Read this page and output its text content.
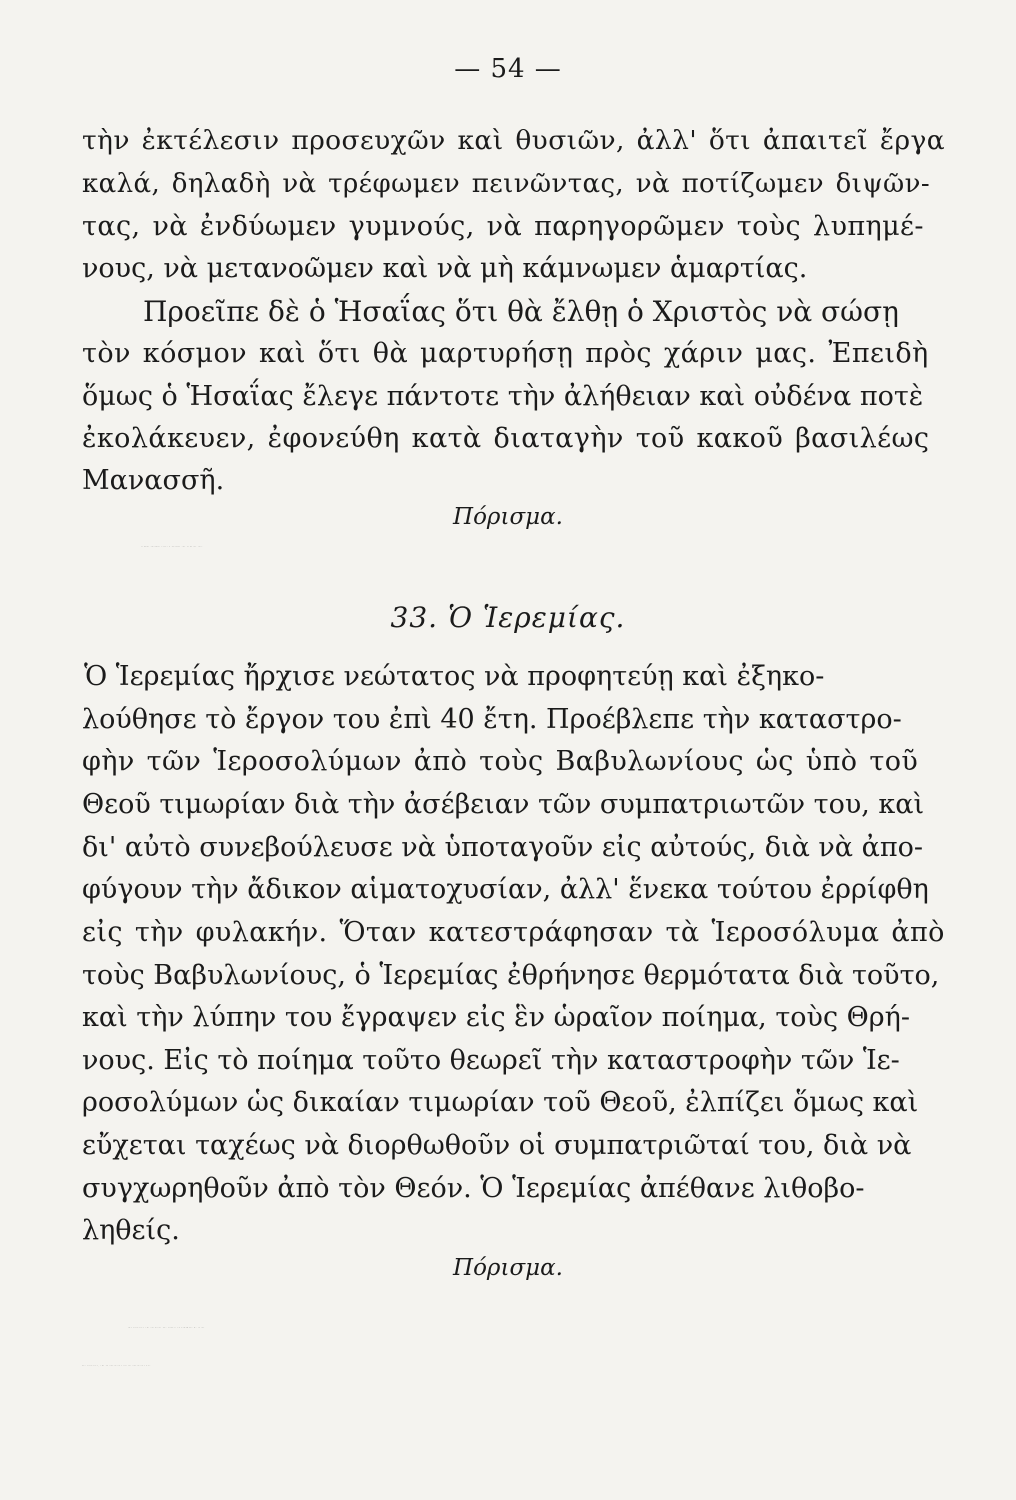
— 54 —
τὴν ἐκτέλεσιν προσευχῶν καὶ θυσιῶν, ἀλλ' ὅτι ἀπαιτεῖ ἔργα
καλά, δηλαδὴ νὰ τρέφωμεν πεινῶντας, νὰ ποτίζωμεν διψῶν-
τας, νὰ ἐνδύωμεν γυμνούς, νὰ παρηγορῶμεν τοὺς λυπημέ-
νους, νὰ μετανοῶμεν καὶ νὰ μὴ κάμνωμεν ἁμαρτίας.
Προεῖπε δὲ ὁ Ἡσαΐας ὅτι θὰ ἔλθῃ ὁ Χριστὸς νὰ σώσῃ
τὸν κόσμον καὶ ὅτι θὰ μαρτυρήσῃ πρὸς χάριν μας. Ἐπειδὴ
ὅμως ὁ Ἡσαΐας ἔλεγε πάντοτε τὴν ἀλήθειαν καὶ οὐδένα ποτὲ
ἐκολάκευεν, ἐφονεύθη κατὰ διαταγὴν τοῦ κακοῦ βασιλέως
Μανασσῆ.
Πόρισμα.
Ἀληθῶς εὐσεβὴς εἶναι ὁ ἀγαπῶν τὸν πλησίον του.
33. Ὁ Ἱερεμίας.
Ὁ Ἱερεμίας ἤρχισε νεώτατος νὰ προφητεύῃ καὶ ἐξηκο-
λούθησε τὸ ἔργον του ἐπὶ 40 ἔτη. Προέβλεπε τὴν καταστρο-
φὴν τῶν Ἱεροσολύμων ἀπὸ τοὺς Βαβυλωνίους ὡς ὑπὸ τοῦ
Θεοῦ τιμωρίαν διὰ τὴν ἀσέβειαν τῶν συμπατριωτῶν του, καὶ
δι' αὐτὸ συνεβούλευσε νὰ ὑποταγοῦν εἰς αὐτούς, διὰ νὰ ἀπο-
φύγουν τὴν ἄδικον αἱματοχυσίαν, ἀλλ' ἕνεκα τούτου ἐρρίφθη
εἰς τὴν φυλακήν. Ὅταν κατεστράφησαν τὰ Ἱεροσόλυμα ἀπὸ
τοὺς Βαβυλωνίους, ὁ Ἱερεμίας ἐθρήνησε θερμότατα διὰ τοῦτο,
καὶ τὴν λύπην του ἔγραψεν εἰς ἓν ὡραῖον ποίημα, τοὺς Θρή-
νους. Εἰς τὸ ποίημα τοῦτο θεωρεῖ τὴν καταστροφὴν τῶν Ἱε-
ροσολύμων ὡς δικαίαν τιμωρίαν τοῦ Θεοῦ, ἐλπίζει ὅμως καὶ
εὔχεται ταχέως νὰ διορθωθοῦν οἱ συμπατριῶταί του, διὰ νὰ
συγχωρηθοῦν ἀπὸ τὸν Θεόν. Ὁ Ἱερεμίας ἀπέθανε λιθοβο-
ληθείς.
Πόρισμα.
Τὴν εὐτυχίαν τῆς πατρίδος μας πρέπει νὰ θεωρῶμεν ὡς ἰδίαν
μας εὐτυχίαν, τὴν δὲ δυστυχίαν της ὡς δυστυχίαν μας.
